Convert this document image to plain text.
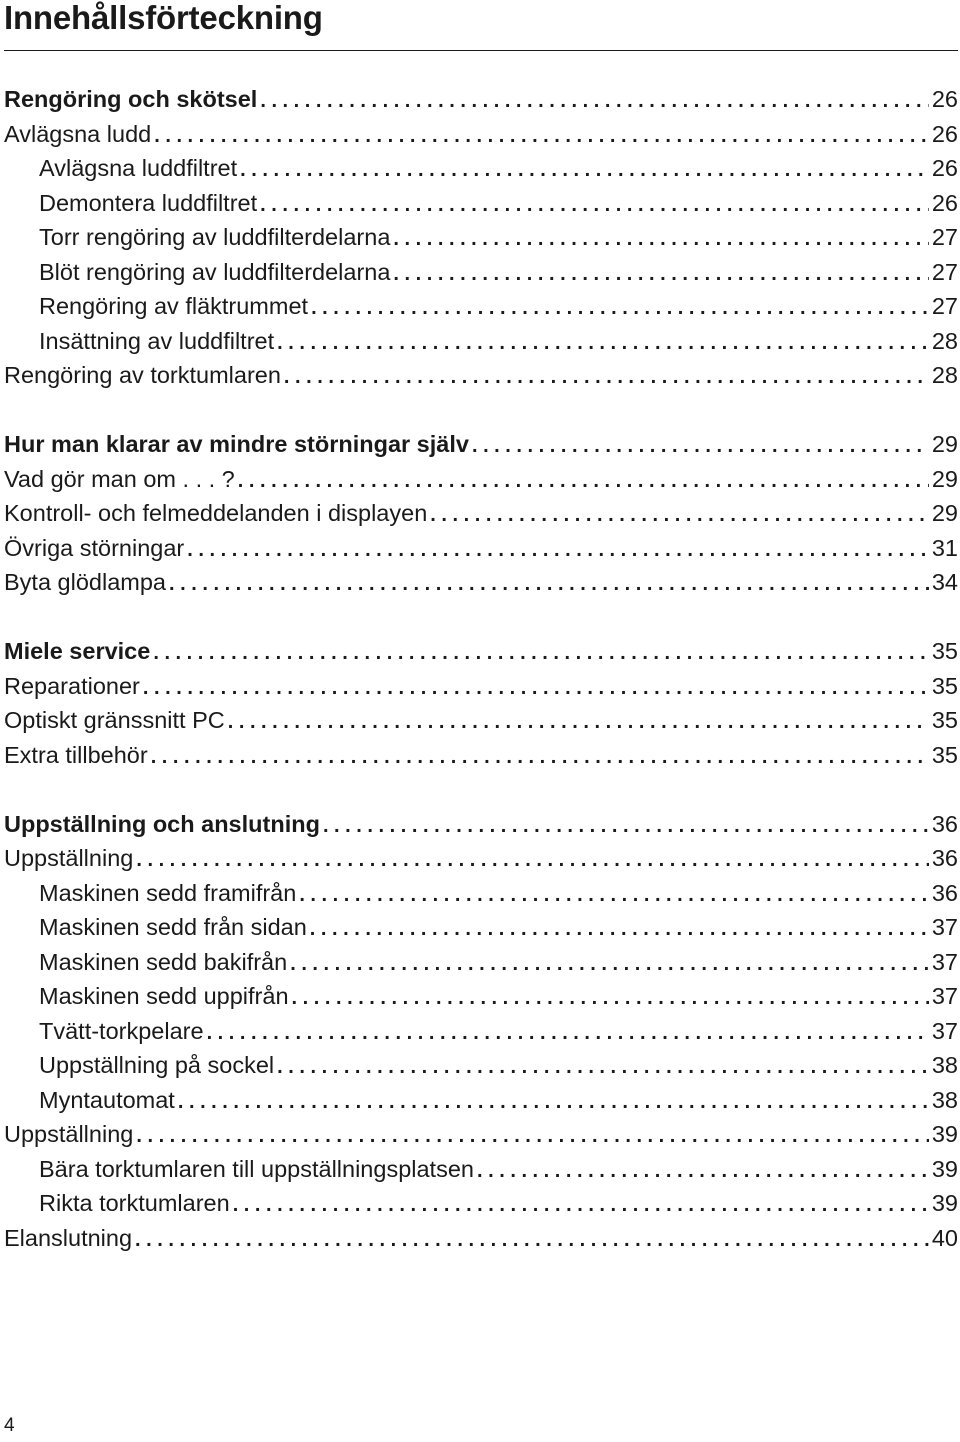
Innehållsförteckning
Rengöring och skötsel . . .	26
Avlägsna ludd . . .	26
Avlägsna luddfiltret . . .	26
Demontera luddfiltret . . .	26
Torr rengöring av luddfilterdelarna . . .	27
Blöt rengöring av luddfilterdelarna . . .	27
Rengöring av fläktrummet . . .	27
Insättning av luddfiltret . . .	28
Rengöring av torktumlaren . . .	28
Hur man klarar av mindre störningar själv . . .	29
Vad gör man om . . . ? . . .	29
Kontroll- och felmeddelanden i displayen . . .	29
Övriga störningar . . .	31
Byta glödlampa . . .	34
Miele service . . .	35
Reparationer . . .	35
Optiskt gränssnitt PC . . .	35
Extra tillbehör . . .	35
Uppställning och anslutning . . .	36
Uppställning . . .	36
Maskinen sedd framifrån . . .	36
Maskinen sedd från sidan . . .	37
Maskinen sedd bakifrån . . .	37
Maskinen sedd uppifrån . . .	37
Tvätt-torkpelare . . .	37
Uppställning på sockel . . .	38
Myntautomat . . .	38
Uppställning . . .	39
Bära torktumlaren till uppställningsplatsen . . .	39
Rikta torktumlaren . . .	39
Elanslutning . . .	40
4
